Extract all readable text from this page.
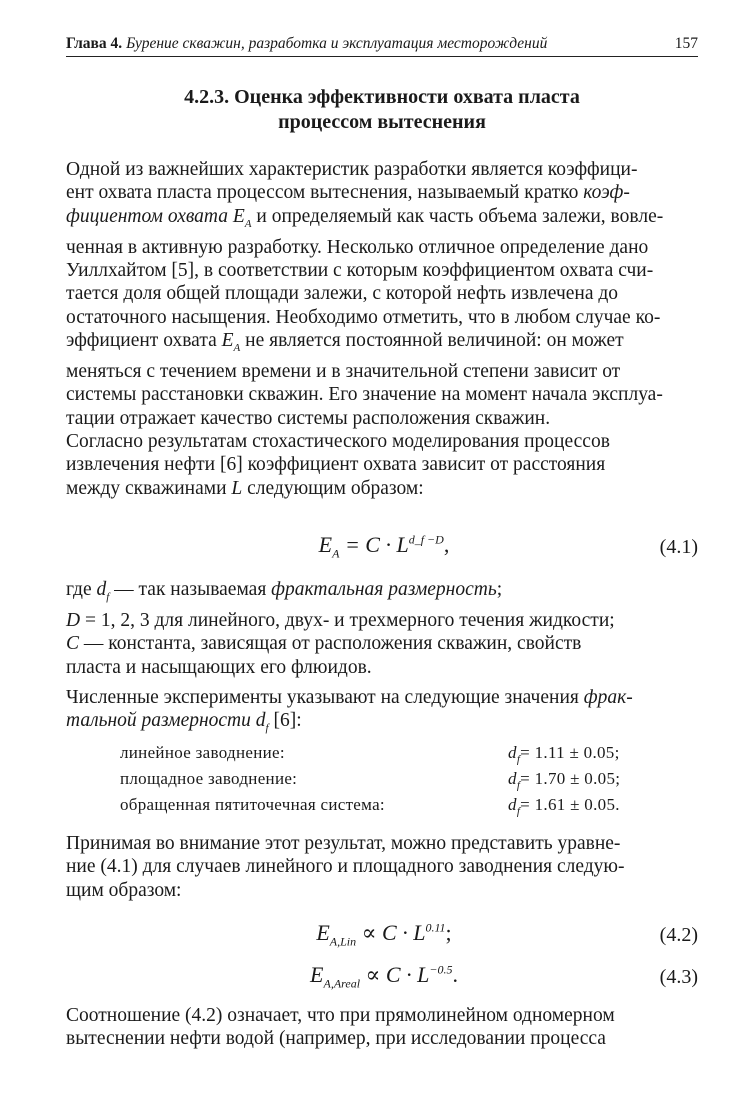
Глава 4. Бурение скважин, разработка и эксплуатация месторождений	157
4.2.3. Оценка эффективности охвата пласта
процессом вытеснения
Одной из важнейших характеристик разработки является коэффици-
ент охвата пласта процессом вытеснения, называемый кратко коэф-
фициентом охвата $E_A$ и определяемый как часть объема залежи, вовле-
ченная в активную разработку. Несколько отличное определение дано
Уиллхайтом [5], в соответствии с которым коэффициентом охвата счи-
тается доля общей площади залежи, с которой нефть извлечена до
остаточного насыщения. Необходимо отметить, что в любом случае ко-
эффициент охвата $E_A$ не является постоянной величиной: он может
меняться с течением времени и в значительной степени зависит от
системы расстановки скважин. Его значение на момент начала эксплуа-
тации отражает качество системы расположения скважин.
Согласно результатам стохастического моделирования процессов
извлечения нефти [6] коэффициент охвата зависит от расстояния
между скважинами L следующим образом:
$E_A = C \cdot L^{d\_f -D}$,	(4.1)
где $d_f$ — так называемая фрактальная размерность;
D = 1, 2, 3 для линейного, двух- и трехмерного течения жидкости;
C — константа, зависящая от расположения скважин, свойств
пласта и насыщающих его флюидов.
Численные эксперименты указывают на следующие значения фрак-
тальной размерности $d_f$ [6]:
линейное заводнение:	$d_f= 1.11 \pm 0.05$;
площадное заводнение:	$d_f= 1.70 \pm 0.05$;
обращенная пятиточечная система:	$d_f= 1.61 \pm 0.05$.
Принимая во внимание этот результат, можно представить уравне-
ние (4.1) для случаев линейного и площадного заводнения следую-
щим образом:
$E_{A,Lin} \propto C \cdot L^{0.11}$;	(4.2)
$E_{A,Areal} \propto C \cdot L^{-0.5}$.	(4.3)
Соотношение (4.2) означает, что при прямолинейном одномерном
вытеснении нефти водой (например, при исследовании процесса
